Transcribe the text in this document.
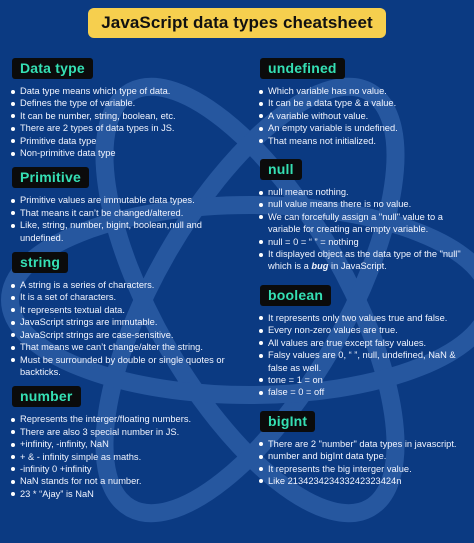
JavaScript data types cheatsheet
Data type
Data type means which type of data.
Defines the type of variable.
It can be number, string, boolean, etc.
There are 2 types of data types in JS.
Primitive data type
Non-primitive data type
Primitive
Primitive values are immutable data types.
That means it can’t be changed/altered.
Like, string, number, bigint, boolean,null and undefined.
string
A string is a series of characters.
It is a set of characters.
It represents textual data.
JavaScript strings are immutable.
JavaScript strings are case-sensitive.
That means we can’t change/alter the string.
Must be surrounded by double or single quotes or backticks.
number
Represents the interger/floating numbers.
There are also 3 special number in JS.
+infinity, -infinity, NaN
+ & - infinity simple as maths.
-infinity 0 +infinity
NaN stands for not a number.
23 * “Ajay” is NaN
undefined
Which variable has no value.
It can be a data type & a value.
A variable without value.
An empty variable is undefined.
That means not initialized.
null
null means nothing.
null value means there is no value.
We can forcefully assign a "null" value to a variable for creating an empty variable.
null = 0 = “ ” = nothing
It displayed object as the data type of the "null" which is a bug in JavaScript.
boolean
It represents only two values true and false.
Every non-zero values are true.
All values are true except falsy values.
Falsy values are 0, “ ”, null, undefined, NaN & false as well.
tone = 1 = on
false = 0 = off
bigInt
There are 2 "number" data types in javascript.
number and bigInt data type.
It represents the big interger value.
Like 213423423433242323424n
